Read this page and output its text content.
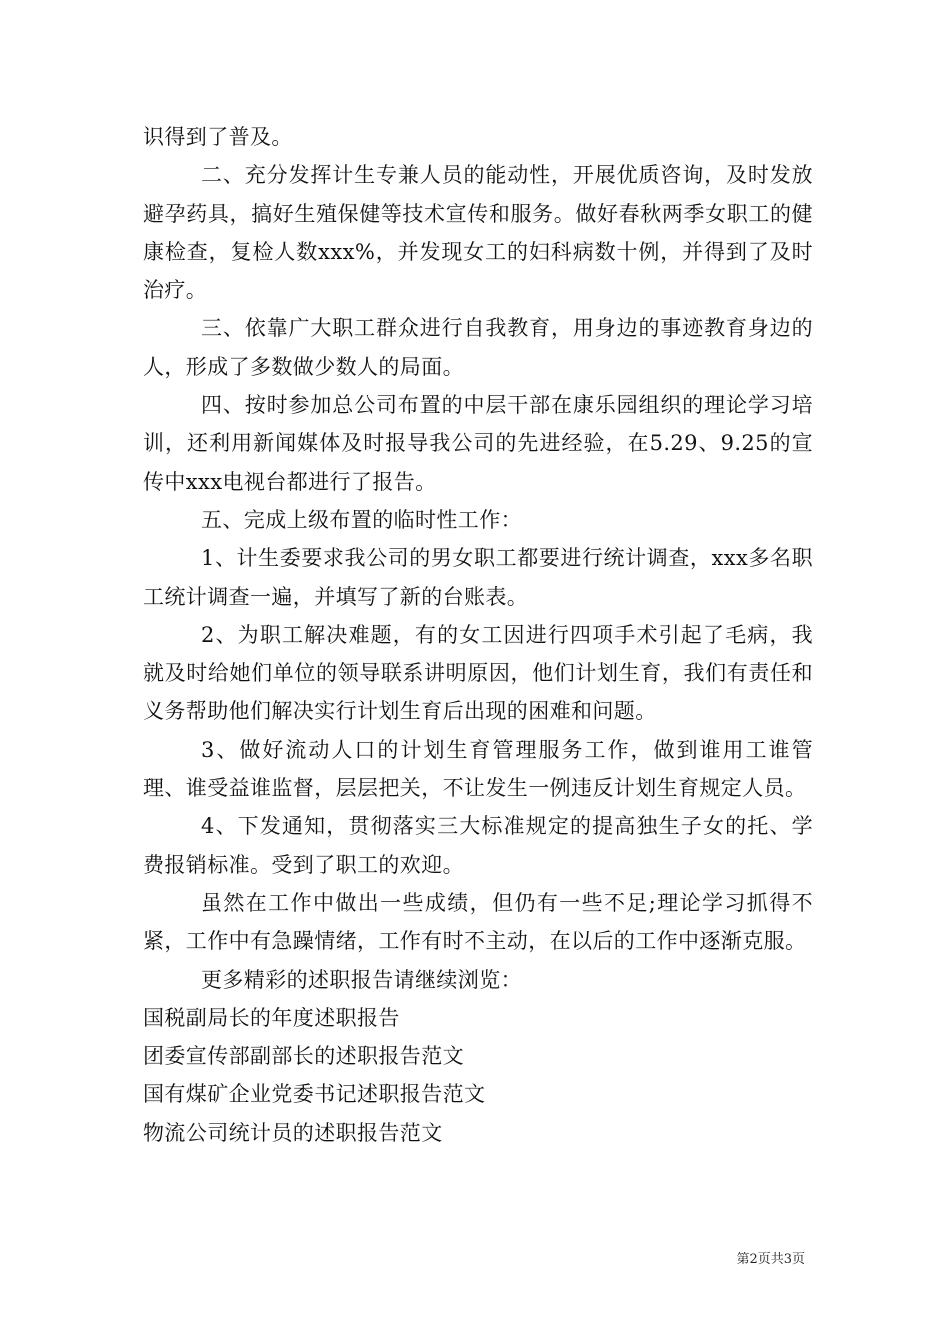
识得到了普及。

二、充分发挥计生专兼人员的能动性，开展优质咨询，及时发放避孕药具，搞好生殖保健等技术宣传和服务。做好春秋两季女职工的健康检查，复检人数xxx%，并发现女工的妇科病数十例，并得到了及时治疗。

三、依靠广大职工群众进行自我教育，用身边的事迹教育身边的人，形成了多数做少数人的局面。

四、按时参加总公司布置的中层干部在康乐园组织的理论学习培训，还利用新闻媒体及时报导我公司的先进经验，在5.29、9.25的宣传中xxx电视台都进行了报告。

五、完成上级布置的临时性工作：

1、计生委要求我公司的男女职工都要进行统计调查，xxx多名职工统计调查一遍，并填写了新的台账表。

2、为职工解决难题，有的女工因进行四项手术引起了毛病，我就及时给她们单位的领导联系讲明原因，他们计划生育，我们有责任和义务帮助他们解决实行计划生育后出现的困难和问题。

3、做好流动人口的计划生育管理服务工作，做到谁用工谁管理、谁受益谁监督，层层把关，不让发生一例违反计划生育规定人员。

4、下发通知，贯彻落实三大标准规定的提高独生子女的托、学费报销标准。受到了职工的欢迎。

虽然在工作中做出一些成绩，但仍有一些不足;理论学习抓得不紧，工作中有急躁情绪，工作有时不主动，在以后的工作中逐渐克服。

更多精彩的述职报告请继续浏览：

国税副局长的年度述职报告

团委宣传部副部长的述职报告范文

国有煤矿企业党委书记述职报告范文

物流公司统计员的述职报告范文

第2页共3页
